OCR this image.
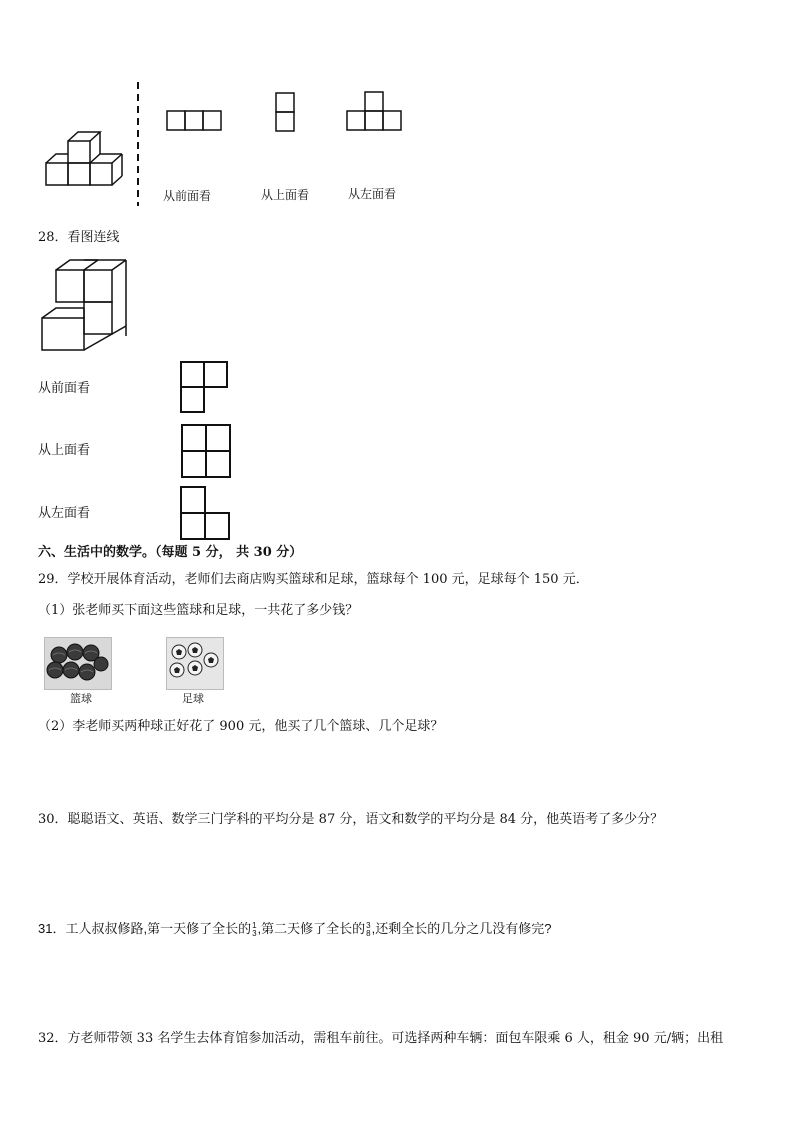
从前面看	从上面看	从左面看
28．看图连线
从前面看
从上面看
从左面看
六、生活中的数学。（每题 5 分， 共 30 分）
29．学校开展体育活动，老师们去商店购买篮球和足球，篮球每个 100 元，足球每个 150 元．
（1）张老师买下面这些篮球和足球，一共花了多少钱？
篮球	足球
（2）李老师买两种球正好花了 900 元，他买了几个篮球、几个足球？
30．聪聪语文、英语、数学三门学科的平均分是 87 分，语文和数学的平均分是 84 分，他英语考了多少分？
31．工人叔叔修路,第一天修了全长的 1
3 ,第二天修了全长的 3
8 ,还剩全长的几分之几没有修完?
32．方老师带领 33 名学生去体育馆参加活动，需租车前往。可选择两种车辆：面包车限乘 6 人，租金 90 元/辆；出租
